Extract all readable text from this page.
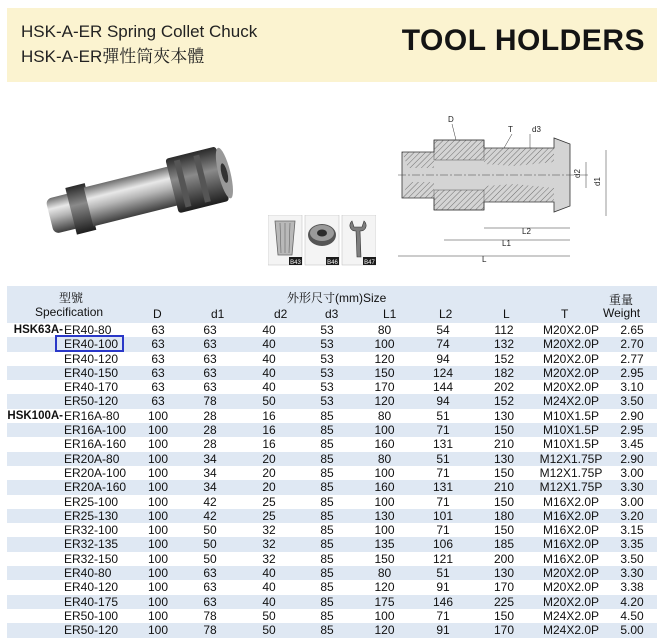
HSK-A-ER Spring Collet Chuck
HSK-A-ER彈性筒夾本體	TOOL HOLDERS
B43	B46	B47
D
T d3
d2
d1
L2
L1
L
型號
Specification
外形尺寸(mm)Size
D	d1	d2	d3	L1	L2	L	T
重量
Weight
HSK63A-	ER40-80	63	63	40	53	80	54	112	M20X2.0P	2.65
	ER40-100	63	63	40	53	100	74	132	M20X2.0P	2.70
	ER40-120	63	63	40	53	120	94	152	M20X2.0P	2.77
	ER40-150	63	63	40	53	150	124	182	M20X2.0P	2.95
	ER40-170	63	63	40	53	170	144	202	M20X2.0P	3.10
	ER50-120	63	78	50	53	120	94	152	M24X2.0P	3.50
HSK100A-	ER16A-80	100	28	16	85	80	51	130	M10X1.5P	2.90
	ER16A-100	100	28	16	85	100	71	150	M10X1.5P	2.95
	ER16A-160	100	28	16	85	160	131	210	M10X1.5P	3.45
	ER20A-80	100	34	20	85	80	51	130	M12X1.75P	2.90
	ER20A-100	100	34	20	85	100	71	150	M12X1.75P	3.00
	ER20A-160	100	34	20	85	160	131	210	M12X1.75P	3.30
	ER25-100	100	42	25	85	100	71	150	M16X2.0P	3.00
	ER25-130	100	42	25	85	130	101	180	M16X2.0P	3.20
	ER32-100	100	50	32	85	100	71	150	M16X2.0P	3.15
	ER32-135	100	50	32	85	135	106	185	M16X2.0P	3.35
	ER32-150	100	50	32	85	150	121	200	M16X2.0P	3.50
	ER40-80	100	63	40	85	80	51	130	M20X2.0P	3.30
	ER40-120	100	63	40	85	120	91	170	M20X2.0P	3.38
	ER40-175	100	63	40	85	175	146	225	M20X2.0P	4.20
	ER50-100	100	78	50	85	100	71	150	M24X2.0P	4.50
	ER50-120	100	78	50	85	120	91	170	M24X2.0P	5.00
